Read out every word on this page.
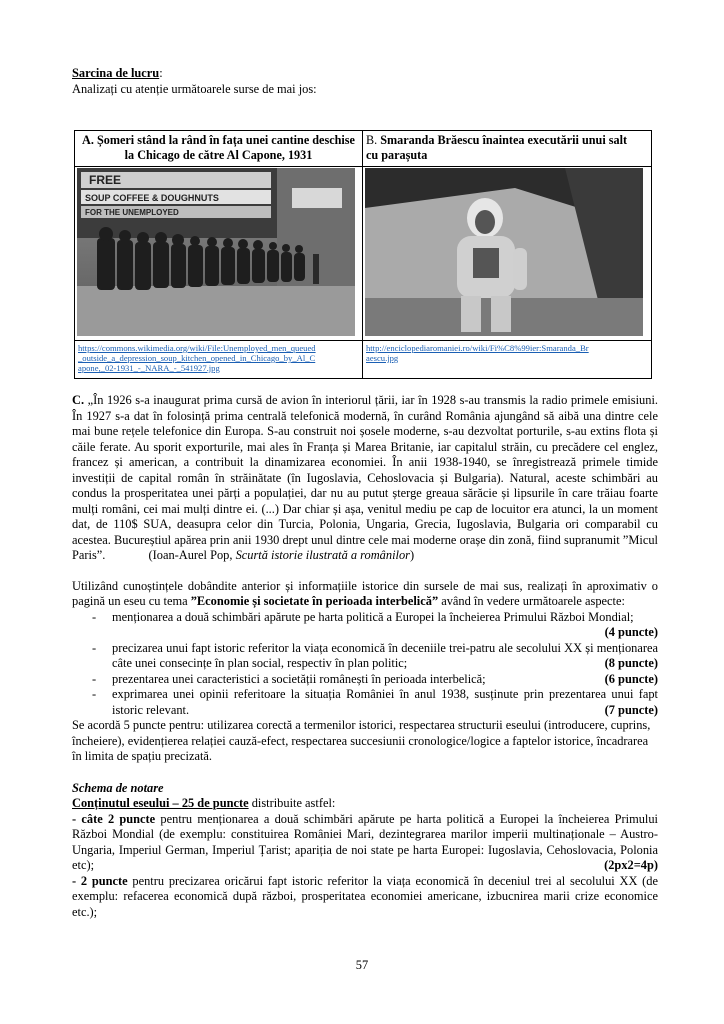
Sarcina de lucru:

Analizați cu atenție următoarele surse de mai jos:

A. Șomeri stând la rând în fața unei cantine deschise
la Chicago de către Al Capone, 1931	B. Smaranda Brăescu înaintea executării unui salt
cu parașuta

FREE
SOUP COFFEE & DOUGHNUTS
FOR THE UNEMPLOYED

https://commons.wikimedia.org/wiki/File:Unemployed_men_queued
_outside_a_depression_soup_kitchen_opened_in_Chicago_by_Al_C
apone,_02-1931_-_NARA_-_541927.jpg	http://enciclopediaromaniei.ro/wiki/Fi%C8%99ier:Smaranda_Br
aescu.jpg

C. „În 1926 s-a inaugurat prima cursă de avion în interiorul țării, iar în 1928 s-au transmis la radio primele emisiuni. În 1927 s-a dat în folosință prima centrală telefonică modernă, în curând România ajungând să aibă una dintre cele mai bune rețele telefonice din Europa. S-au construit noi șosele moderne, s-au dezvoltat porturile, s-au extins flota și căile ferate. Au sporit exporturile, mai ales în Franța și Marea Britanie, iar capitalul străin, cu precădere cel englez, francez și american, a contribuit la dinamizarea economiei. În anii 1938-1940, se înregistrează primele timide investiții de capital român în străinătate (în Iugoslavia, Cehoslovacia și Bulgaria). Natural, aceste schimbări au condus la prosperitatea unei părți a populației, dar nu au putut șterge greaua sărăcie și lipsurile în care trăiau foarte mulți români, cei mai mulți dintre ei. (...) Dar chiar și așa, venitul mediu pe cap de locuitor era atunci, la un moment dat, de 110$ SUA, deasupra celor din Turcia, Polonia, Ungaria, Grecia, Iugoslavia, Bulgaria ori comparabil cu acestea. Bucureștiul apărea prin anii 1930 drept unul dintre cele mai moderne orașe din zonă, fiind supranumit ”Micul Paris”.	(Ioan-Aurel Pop, Scurtă istorie ilustrată a românilor)

Utilizând cunoștințele dobândite anterior și informațiile istorice din sursele de mai sus, realizați în aproximativ o pagină un eseu cu tema ”Economie și societate în perioada interbelică” având în vedere următoarele aspecte:

- menționarea a două schimbări apărute pe harta politică a Europei la încheierea Primului Război Mondial;
(4 puncte)
- precizarea unui fapt istoric referitor la viața economică în deceniile trei-patru ale secolului XX și menționarea câte unei consecințe în plan social, respectiv în plan politic;	(8 puncte)
- prezentarea unei caracteristici a societății românești în perioada interbelică;	(6 puncte)
- exprimarea unei opinii referitoare la situația României în anul 1938, susținute prin prezentarea unui fapt istoric relevant.	(7 puncte)

Se acordă 5 puncte pentru: utilizarea corectă a termenilor istorici, respectarea structurii eseului (introducere, cuprins, încheiere), evidențierea relației cauză-efect, respectarea succesiunii cronologice/logice a faptelor istorice, încadrarea în limita de spațiu precizată.

Schema de notare

Conținutul eseului – 25 de puncte distribuite astfel:

- câte 2 puncte pentru menționarea a două schimbări apărute pe harta politică a Europei la încheierea Primului Război Mondial (de exemplu: constituirea României Mari, dezintegrarea marilor imperii multinaționale – Austro-Ungaria, Imperiul German, Imperiul Țarist; apariția de noi state pe harta Europei: Iugoslavia, Cehoslovacia, Polonia etc);	(2px2=4p)

- 2 puncte pentru precizarea oricărui fapt istoric referitor la viața economică în deceniul trei al secolului XX (de exemplu: refacerea economică după război, prosperitatea economiei americane, izbucnirea marii crize economice etc.);

57
